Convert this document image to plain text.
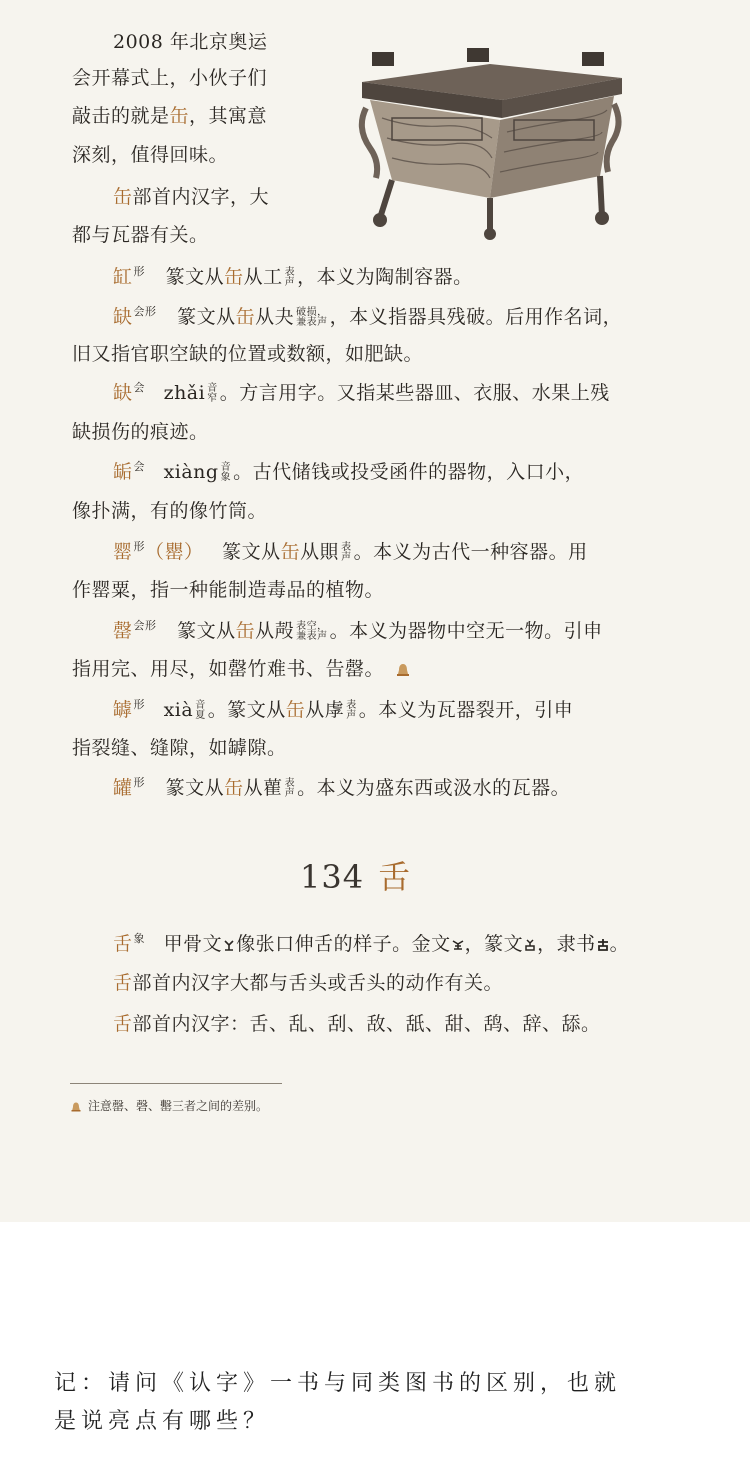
2008 年北京奥运
会开幕式上，小伙子们
敲击的就是缶，其寓意
深刻，值得回味。
缶部首内汉字，大
都与瓦器有关。
缸$^形$ 篆文从缶从工 表
声 ，本义为陶制容器。
缺$^{会形}$ 篆文从缶从夬 破损，
兼表声 ，本义指器具残破。后用作名词，
旧又指官职空缺的位置或数额，如肥缺。
缺$^会$ zhǎi 音
窄 。方言用字。又指某些器皿、衣服、水果上残
缺损伤的痕迹。
缿$^会$ xiàng 音
象 。古代储钱或投受函件的器物，入口小，
像扑满，有的像竹筒。
罂$^形$（罌） 篆文从缶从賏 表
声 。本义为古代一种容器。用
作罂粟，指一种能制造毒品的植物。
罄$^{会形}$ 篆文从缶从殸 表空，
兼表声 。本义为器物中空无一物。引申
指用完、用尽，如罄竹难书、告罄。
罅$^形$ xià 音
夏 。篆文从缶从虖 表
声 。本义为瓦器裂开，引申
指裂缝、缝隙，如罅隙。
罐$^形$ 篆文从缶从雚 表
声 。本义为盛东西或汲水的瓦器。
134 舌
舌$^象$ 甲骨文 像张口伸舌的样子。金文 ，篆文 ，隶书 。
舌部首内汉字大都与舌头或舌头的动作有关。
舌部首内汉字：舌、乱、刮、敌、舐、甜、鸹、辞、舔。
注意罄、磬、罊三者之间的差别。
记：请问《认字》一书与同类图书的区别，也就
是说亮点有哪些？
